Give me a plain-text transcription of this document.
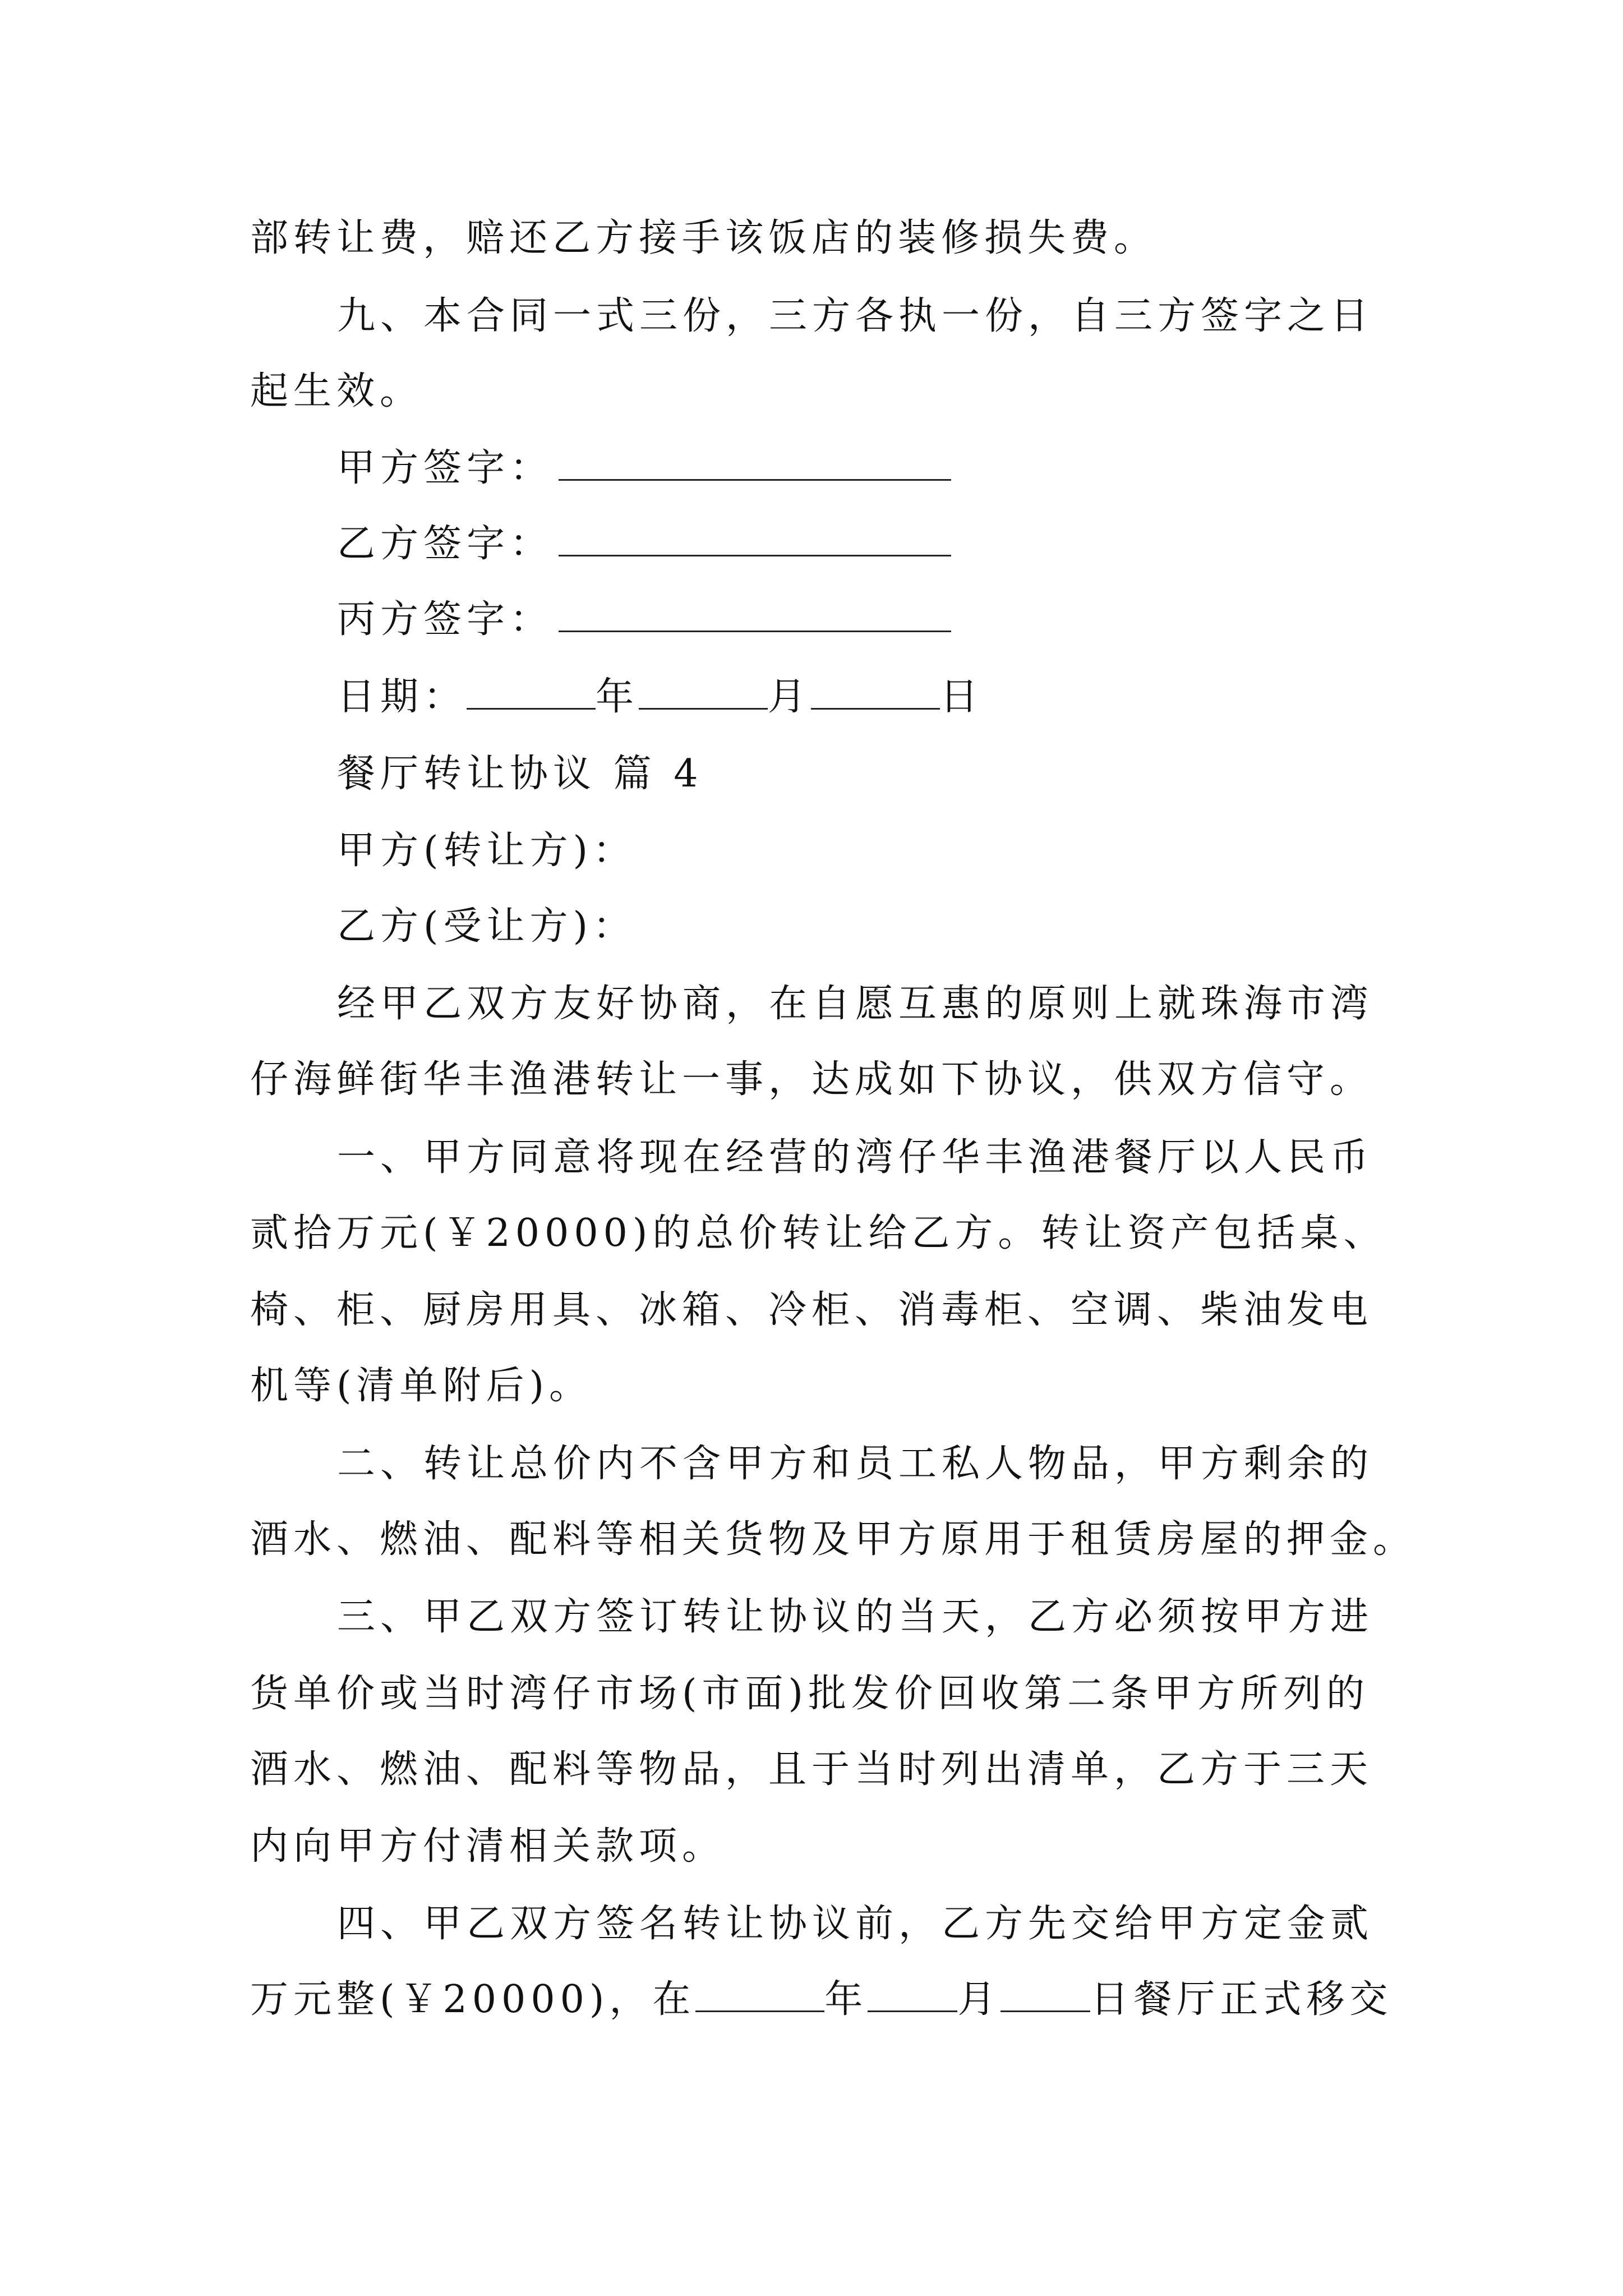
部转让费，赔还乙方接手该饭店的装修损失费。
九、本合同一式三份，三方各执一份，自三方签字之日
起生效。
甲方签字：
乙方签字：
丙方签字：
日期：	年	月	日
餐厅转让协议 篇 4
甲方(转让方)：
乙方(受让方)：
经甲乙双方友好协商，在自愿互惠的原则上就珠海市湾
仔海鲜街华丰渔港转让一事，达成如下协议，供双方信守。
一、甲方同意将现在经营的湾仔华丰渔港餐厅以人民币
贰拾万元(￥20000)的总价转让给乙方。转让资产包括桌、
椅、柜、厨房用具、冰箱、冷柜、消毒柜、空调、柴油发电
机等(清单附后)。
二、转让总价内不含甲方和员工私人物品，甲方剩余的
酒水、燃油、配料等相关货物及甲方原用于租赁房屋的押金。
三、甲乙双方签订转让协议的当天，乙方必须按甲方进
货单价或当时湾仔市场(市面)批发价回收第二条甲方所列的
酒水、燃油、配料等物品，且于当时列出清单，乙方于三天
内向甲方付清相关款项。
四、甲乙双方签名转让协议前，乙方先交给甲方定金贰
万元整(￥20000)，在	年 月 日餐厅正式移交
